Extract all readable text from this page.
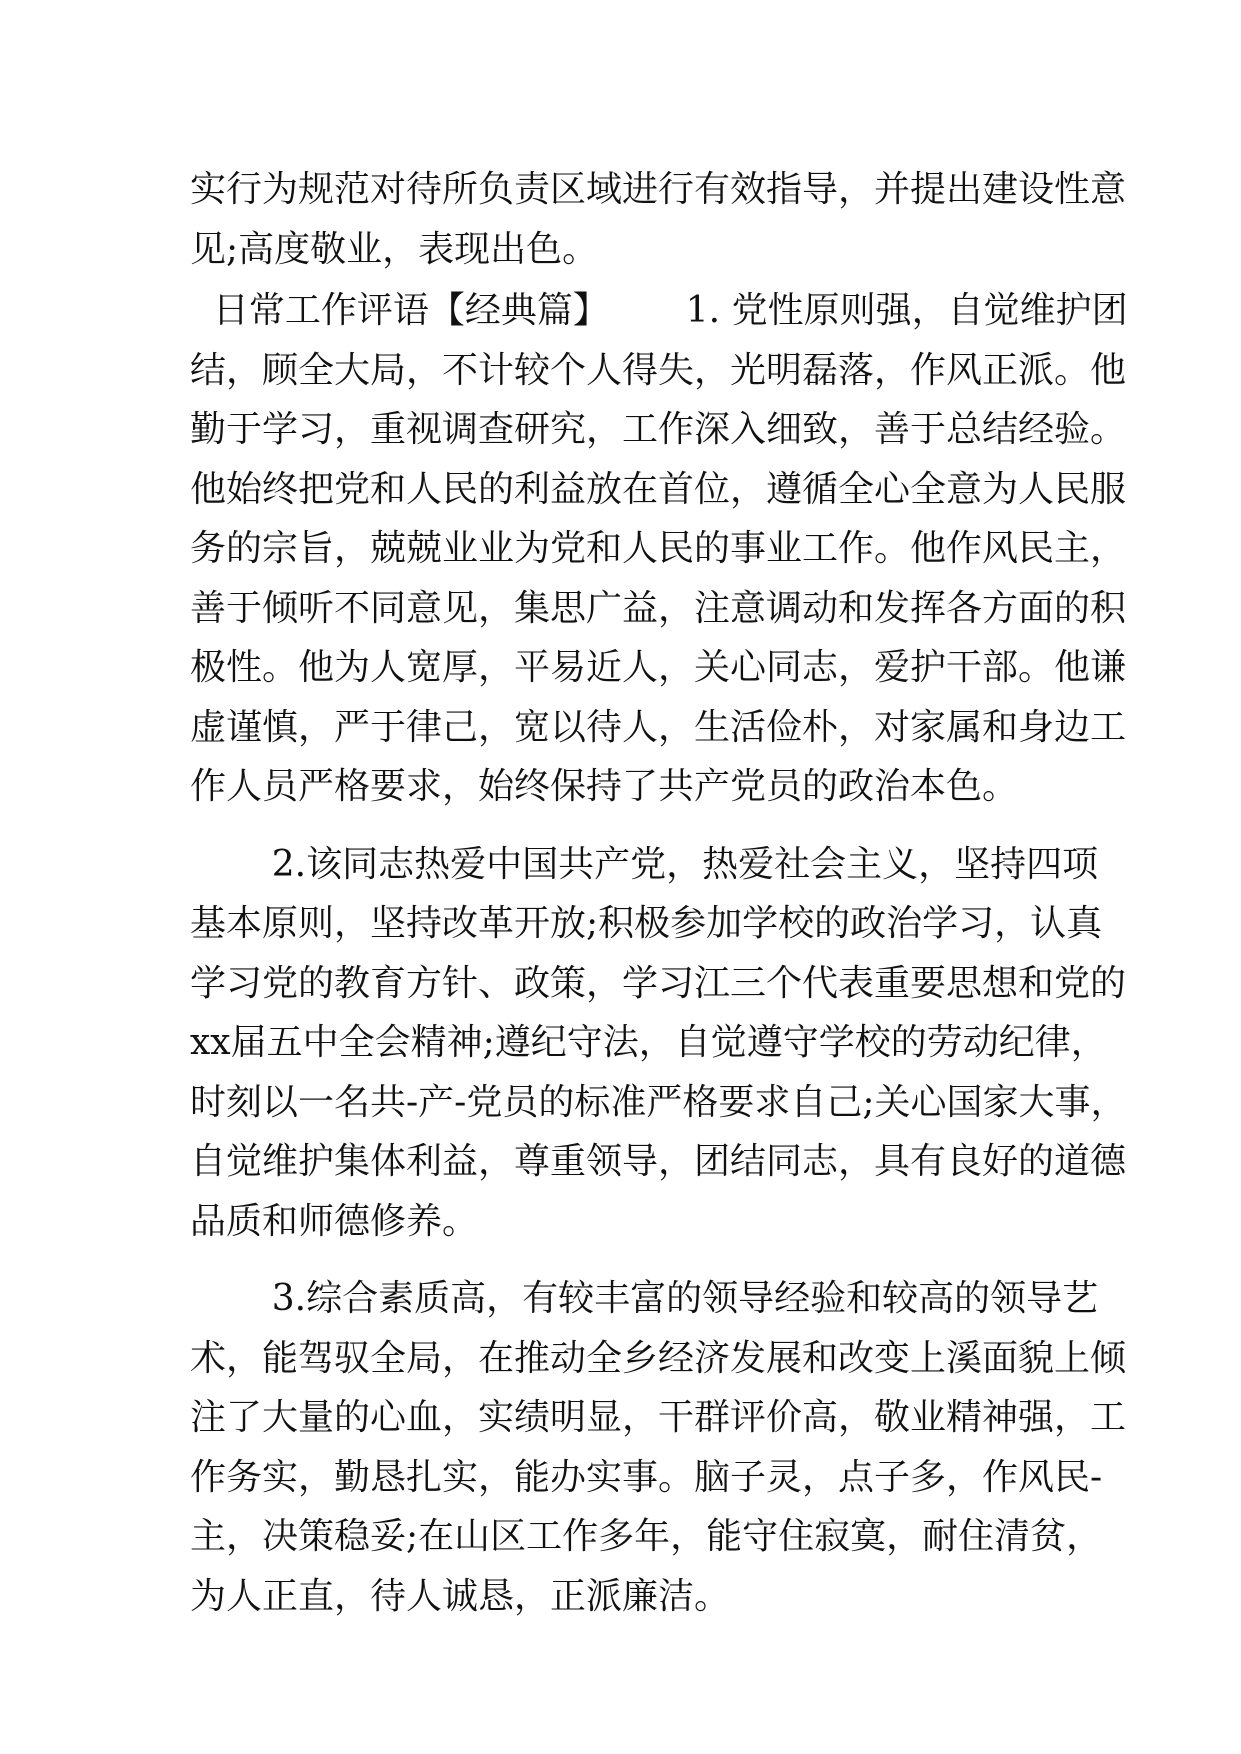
实行为规范对待所负责区域进行有效指导，并提出建设性意
见;高度敬业，表现出色。
日常工作评语【经典篇】　　  1. 党性原则强，自觉维护团
结，顾全大局，不计较个人得失，光明磊落，作风正派。他
勤于学习，重视调查研究，工作深入细致，善于总结经验。
他始终把党和人民的利益放在首位，遵循全心全意为人民服
务的宗旨，兢兢业业为党和人民的事业工作。他作风民主，
善于倾听不同意见，集思广益，注意调动和发挥各方面的积
极性。他为人宽厚，平易近人，关心同志，爱护干部。他谦
虚谨慎，严于律己，宽以待人，生活俭朴，对家属和身边工
作人员严格要求，始终保持了共产党员的政治本色。
　2.该同志热爱中国共产党，热爱社会主义，坚持四项
基本原则，坚持改革开放;积极参加学校的政治学习，认真
学习党的教育方针、政策，学习江三个代表重要思想和党的
xx届五中全会精神;遵纪守法，自觉遵守学校的劳动纪律，
时刻以一名共-产-党员的标准严格要求自己;关心国家大事，
自觉维护集体利益，尊重领导，团结同志，具有良好的道德
品质和师德修养。
　3.综合素质高，有较丰富的领导经验和较高的领导艺
术，能驾驭全局，在推动全乡经济发展和改变上溪面貌上倾
注了大量的心血，实绩明显，干群评价高，敬业精神强，工
作务实，勤恳扎实，能办实事。脑子灵，点子多，作风民-
主，决策稳妥;在山区工作多年，能守住寂寞，耐住清贫，
为人正直，待人诚恳，正派廉洁。
